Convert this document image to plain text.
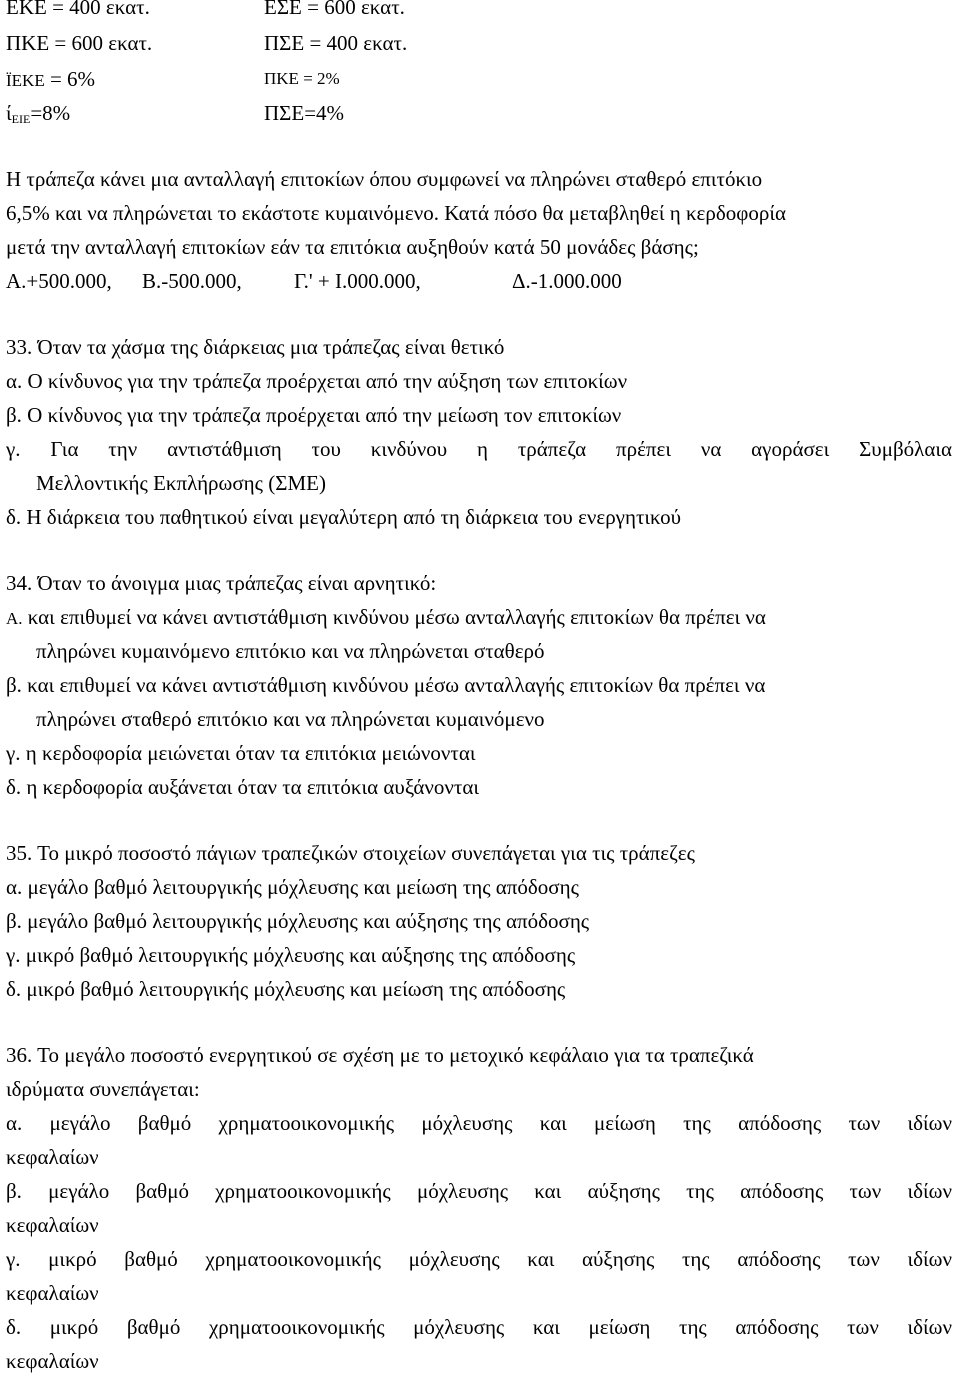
ΕΚΕ = 400 εκατ.	ΕΣΕ = 600 εκατ.
ΠΚΕ = 600 εκατ.	ΠΣΕ = 400 εκατ.
ΪΕΚΕ = 6%	ΠΚΕ = 2%
$ί_{EIE}=8\%$	ΠΣΕ=4%
Η τράπεζα κάνει μια ανταλλαγή επιτοκίων όπου συμφωνεί να πληρώνει σταθερό επιτόκιο
6,5% και να πληρώνεται το εκάστοτε κυμαινόμενο. Κατά πόσο θα μεταβληθεί η κερδοφορία
μετά την ανταλλαγή επιτοκίων εάν τα επιτόκια αυξηθούν κατά 50 μονάδες βάσης;
Α.+500.000, Β.-500.000, Γ.' + Ι.000.000,	Δ.-1.000.000
33. Όταν τα χάσμα της διάρκειας μια τράπεζας είναι θετικό
α. Ο κίνδυνος για την τράπεζα προέρχεται από την αύξηση των επιτοκίων
β. Ο κίνδυνος για την τράπεζα προέρχεται από την μείωση τον επιτοκίων
γ. Για την αντιστάθμιση του κινδύνου η τράπεζα πρέπει να αγοράσει Συμβόλαια
Μελλοντικής Εκπλήρωσης (ΣΜΕ)
δ. Η διάρκεια του παθητικού είναι μεγαλύτερη από τη διάρκεια του ενεργητικού
34. Όταν το άνοιγμα μιας τράπεζας είναι αρνητικό:
Α. και επιθυμεί να κάνει αντιστάθμιση κινδύνου μέσω ανταλλαγής επιτοκίων θα πρέπει να
πληρώνει κυμαινόμενο επιτόκιο και να πληρώνεται σταθερό
β. και επιθυμεί να κάνει αντιστάθμιση κινδύνου μέσω ανταλλαγής επιτοκίων θα πρέπει να
πληρώνει σταθερό επιτόκιο και να πληρώνεται κυμαινόμενο
γ. η κερδοφορία μειώνεται όταν τα επιτόκια μειώνονται
δ. η κερδοφορία αυξάνεται όταν τα επιτόκια αυξάνονται
35. Το μικρό ποσοστό πάγιων τραπεζικών στοιχείων συνεπάγεται για τις τράπεζες
α. μεγάλο βαθμό λειτουργικής μόχλευσης και μείωση της απόδοσης
β. μεγάλο βαθμό λειτουργικής μόχλευσης και αύξησης της απόδοσης
γ. μικρό βαθμό λειτουργικής μόχλευσης και αύξησης της απόδοσης
δ. μικρό βαθμό λειτουργικής μόχλευσης και μείωση της απόδοσης
36. Το μεγάλο ποσοστό ενεργητικού σε σχέση με το μετοχικό κεφάλαιο για τα τραπεζικά
ιδρύματα συνεπάγεται:
α. μεγάλο βαθμό χρηματοοικονομικής μόχλευσης και μείωση της απόδοσης των ιδίων
κεφαλαίων
β. μεγάλο βαθμό χρηματοοικονομικής μόχλευσης και αύξησης της απόδοσης των ιδίων
κεφαλαίων
γ. μικρό βαθμό χρηματοοικονομικής μόχλευσης και αύξησης της απόδοσης των ιδίων
κεφαλαίων
δ. μικρό βαθμό χρηματοοικονομικής μόχλευσης και μείωση της απόδοσης των ιδίων
κεφαλαίων
